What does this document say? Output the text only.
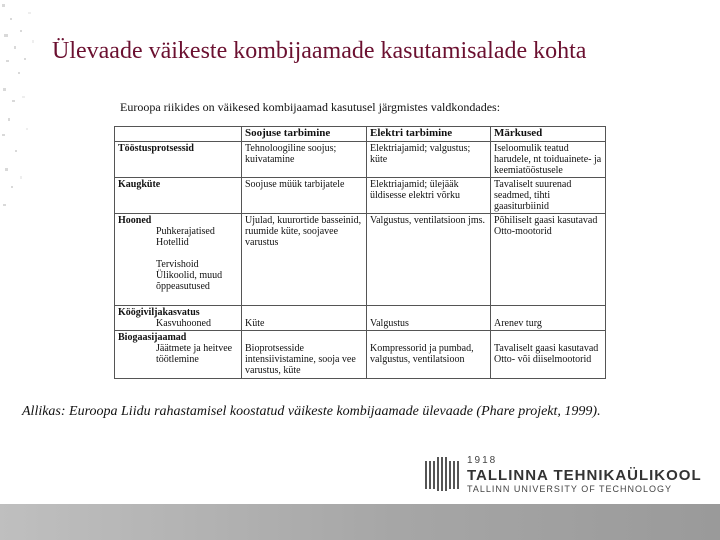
Ülevaade väikeste kombijaamade kasutamisalade kohta
Euroopa riikides on väikesed kombijaamad kasutusel järgmistes valdkondades:
	Soojuse tarbimine	Elektri tarbimine	Märkused

Tööstusprotsessid	Tehnoloogiline soojus; kuivatamine	Elektriajamid; valgustus; küte	Iseloomulik teatud harudele, nt toiduainete- ja keemiatööstusele

Kaugküte	Soojuse müük tarbijatele	Elektriajamid; ülejääk üldisesse elektri võrku	Tavaliselt suurenad seadmed, tihti gaasiturbiinid

Hooned
Puhkerajatised
Hotellid
Tervishoid
Ülikoolid, muud õppeasutused	Ujulad, kuurortide basseinid, ruumide küte, soojavee varustus	Valgustus, ventilatsioon jms.	Põhiliselt gaasi kasutavad Otto-mootorid

Köögiviljakasvatus
Kasvuhooned	Küte	Valgustus	Arenev turg

Biogaasijaamad
Jäätmete ja heitvee töötlemine	Bioprotsesside intensiivistamine, sooja vee varustus, küte	Kompressorid ja pumbad, valgustus, ventilatsioon	Tavaliselt gaasi kasutavad Otto- või diiselmootorid

Allikas: Euroopa Liidu rahastamisel koostatud väikeste kombijaamade ülevaade (Phare projekt, 1999).
1918
TALLINNA TEHNIKAÜLIKOOL
TALLINN UNIVERSITY OF TECHNOLOGY
